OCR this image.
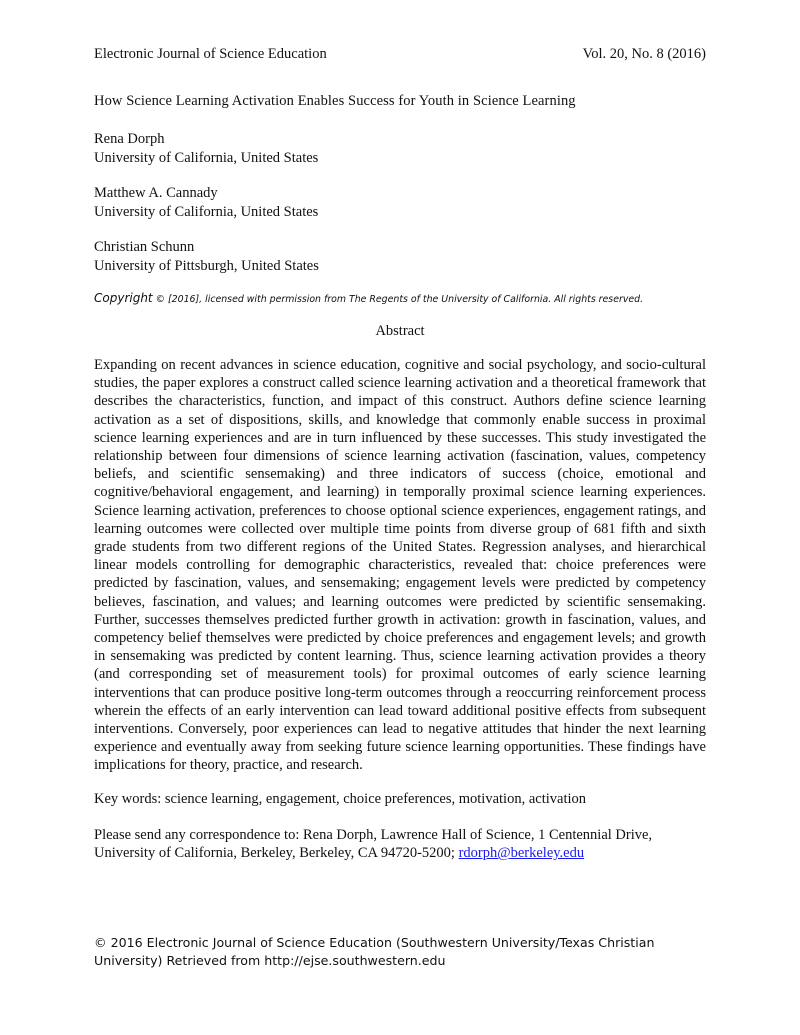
Electronic Journal of Science Education	Vol. 20, No. 8 (2016)
How Science Learning Activation Enables Success for Youth in Science Learning
Rena Dorph
University of California, United States
Matthew A. Cannady
University of California, United States
Christian Schunn
University of Pittsburgh, United States
Copyright © [2016], licensed with permission from The Regents of the University of California. All rights reserved.
Abstract
Expanding on recent advances in science education, cognitive and social psychology, and socio-cultural studies, the paper explores a construct called science learning activation and a theoretical framework that describes the characteristics, function, and impact of this construct. Authors define science learning activation as a set of dispositions, skills, and knowledge that commonly enable success in proximal science learning experiences and are in turn influenced by these successes. This study investigated the relationship between four dimensions of science learning activation (fascination, values, competency beliefs, and scientific sensemaking) and three indicators of success (choice, emotional and cognitive/behavioral engagement, and learning) in temporally proximal science learning experiences. Science learning activation, preferences to choose optional science experiences, engagement ratings, and learning outcomes were collected over multiple time points from diverse group of 681 fifth and sixth grade students from two different regions of the United States. Regression analyses, and hierarchical linear models controlling for demographic characteristics, revealed that: choice preferences were predicted by fascination, values, and sensemaking; engagement levels were predicted by competency believes, fascination, and values; and learning outcomes were predicted by scientific sensemaking. Further, successes themselves predicted further growth in activation: growth in fascination, values, and competency belief themselves were predicted by choice preferences and engagement levels; and growth in sensemaking was predicted by content learning. Thus, science learning activation provides a theory (and corresponding set of measurement tools) for proximal outcomes of early science learning interventions that can produce positive long-term outcomes through a reoccurring reinforcement process wherein the effects of an early intervention can lead toward additional positive effects from subsequent interventions. Conversely, poor experiences can lead to negative attitudes that hinder the next learning experience and eventually away from seeking future science learning opportunities. These findings have implications for theory, practice, and research.
Key words: science learning, engagement, choice preferences, motivation, activation
Please send any correspondence to: Rena Dorph, Lawrence Hall of Science, 1 Centennial Drive, University of California, Berkeley, Berkeley, CA 94720-5200; rdorph@berkeley.edu
© 2016 Electronic Journal of Science Education (Southwestern University/Texas Christian
University) Retrieved from http://ejse.southwestern.edu
